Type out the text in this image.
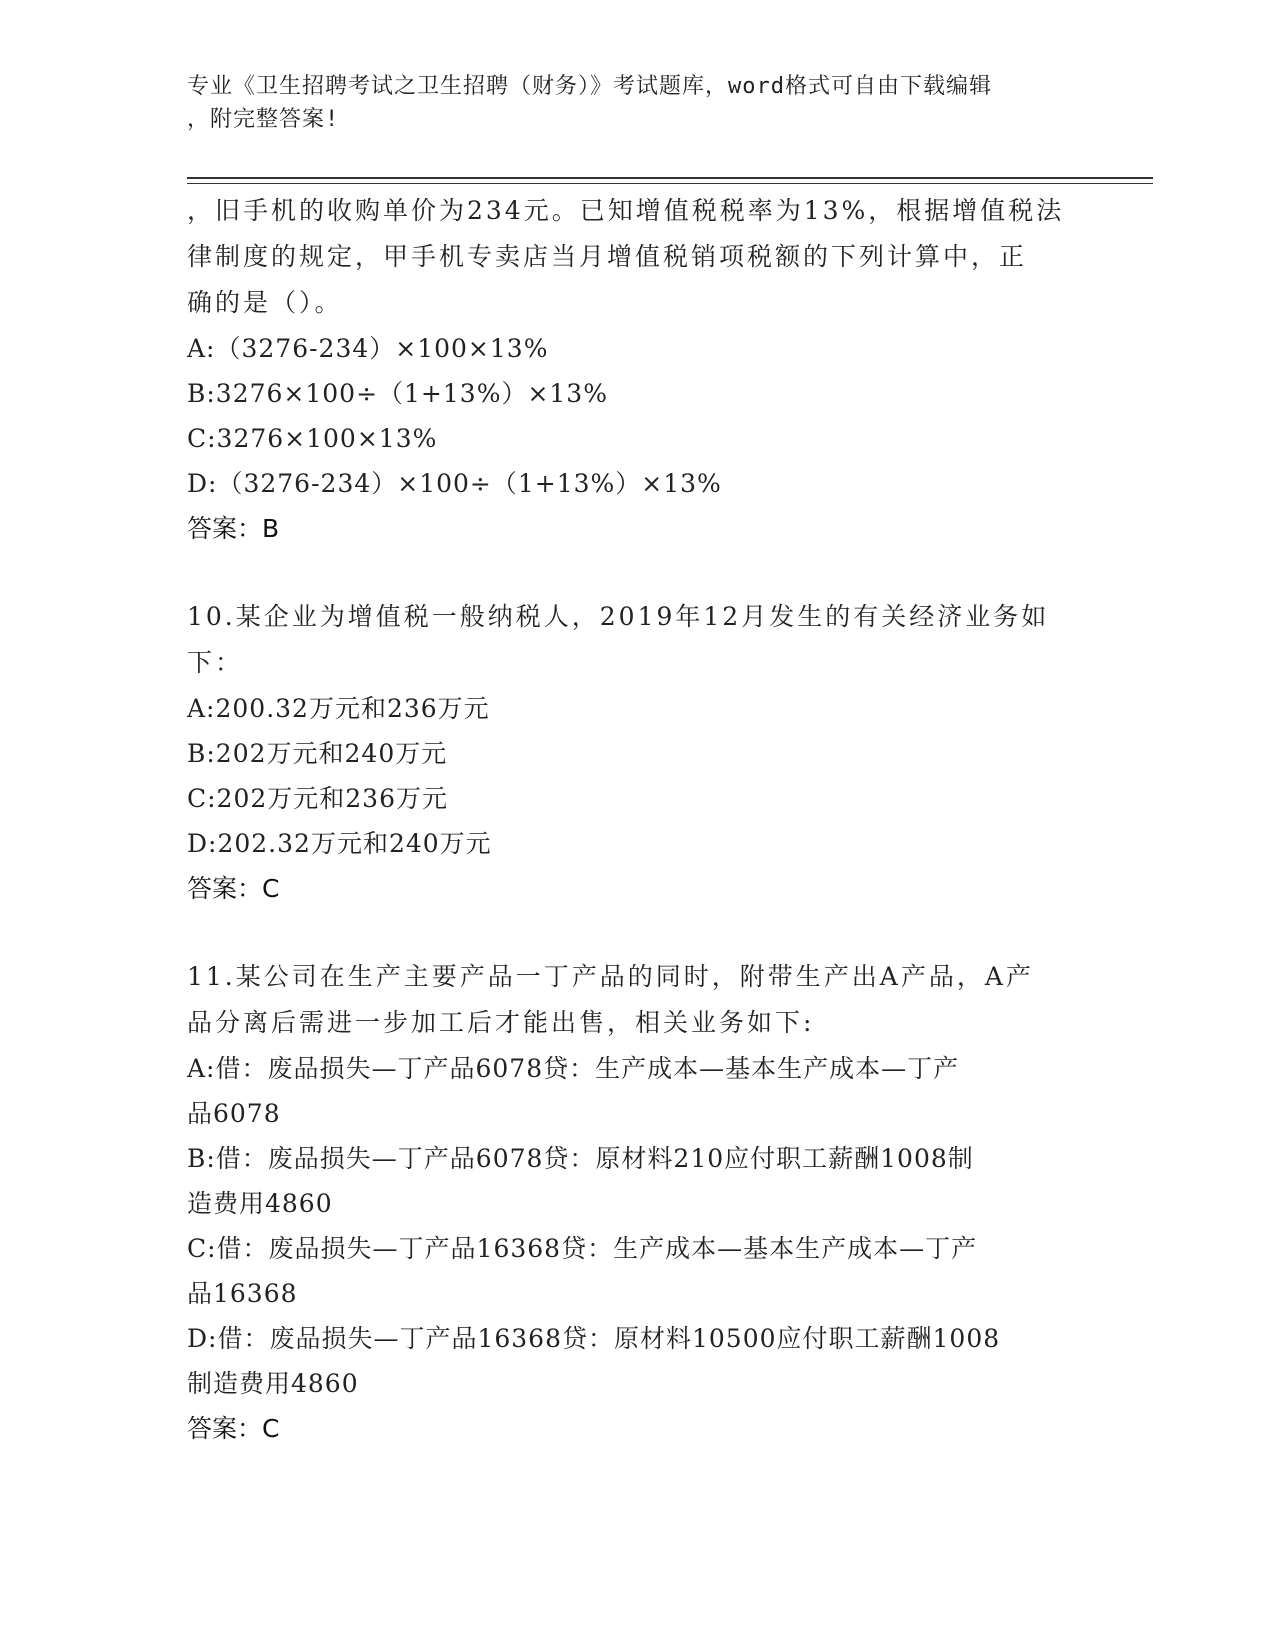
专业《卫生招聘考试之卫生招聘（财务）》考试题库，word格式可自由下载编辑
，附完整答案!

，旧手机的收购单价为234元。已知增值税税率为13%，根据增值税法

律制度的规定，甲手机专卖店当月增值税销项税额的下列计算中，正

确的是（）。

A:（3276-234）×100×13%

B:3276×100÷（1+13%）×13%

C:3276×100×13%

D:（3276-234）×100÷（1+13%）×13%

答案：B

10.某企业为增值税一般纳税人，2019年12月发生的有关经济业务如

下：

A:200.32万元和236万元

B:202万元和240万元

C:202万元和236万元

D:202.32万元和240万元

答案：C

11.某公司在生产主要产品一丁产品的同时，附带生产出A产品，A产

品分离后需进一步加工后才能出售，相关业务如下:

A:借：废品损失—丁产品6078贷：生产成本—基本生产成本—丁产

品6078

B:借：废品损失—丁产品6078贷：原材料210应付职工薪酬1008制

造费用4860

C:借：废品损失—丁产品16368贷：生产成本—基本生产成本—丁产

品16368

D:借：废品损失—丁产品16368贷：原材料10500应付职工薪酬1008

制造费用4860

答案：C
